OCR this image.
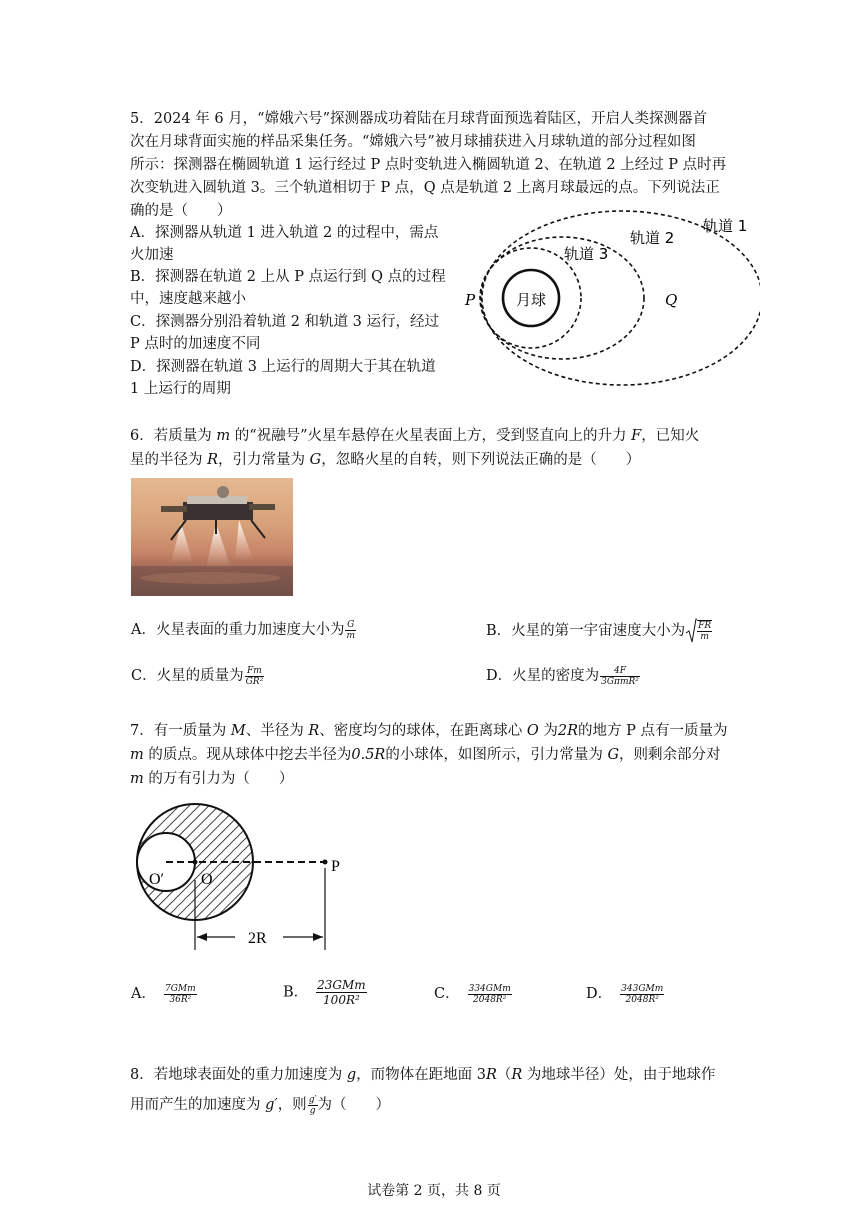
5．2024 年 6 月，“嫦娥六号”探测器成功着陆在月球背面预选着陆区，开启人类探测器首
次在月球背面实施的样品采集任务。“嫦娥六号”被月球捕获进入月球轨道的部分过程如图
所示：探测器在椭圆轨道 1 运行经过 P 点时变轨进入椭圆轨道 2、在轨道 2 上经过 P 点时再
次变轨进入圆轨道 3。三个轨道相切于 P 点，Q 点是轨道 2 上离月球最远的点。下列说法正
确的是（　　）
A．探测器从轨道 1 进入轨道 2 的过程中，需点
火加速
B．探测器在轨道 2 上从 P 点运行到 Q 点的过程
中，速度越来越小
C．探测器分别沿着轨道 2 和轨道 3 运行，经过
P 点时的加速度不同
D．探测器在轨道 3 上运行的周期大于其在轨道
1 上运行的周期
月球
轨道 1
轨道 2
轨道 3
P	Q
6．若质量为 m 的“祝融号”火星车悬停在火星表面上方，受到竖直向上的升力 F，已知火
星的半径为 R，引力常量为 G，忽略火星的自转，则下列说法正确的是（　　）
A．火星表面的重力加速度大小为 $\frac{G}{m}$	B．火星的第一宇宙速度大小为 $\frac{FR}{m}$
C．火星的质量为 $\frac{Fm}{\text{GR²}}$	D．火星的密度为 $\frac{4F}{\text{3GπmR²}}$
7．有一质量为 M、半径为 R、密度均匀的球体，在距离球心 O 为2R的地方 P 点有一质量为
m 的质点。现从球体中挖去半径为0.5R的小球体，如图所示，引力常量为 G，则剩余部分对
m 的万有引力为（　　）
2R
O′ O
P
A． $\frac{\text{7GMm}}{\text{36R²}}$	B． $\frac{\text{23GMm}}{\text{100R²}}$	C． $\frac{\text{334GMm}}{\text{2048R²}}$	D． $\frac{\text{343GMm}}{\text{2048R²}}$
8．若地球表面处的重力加速度为 g，而物体在距地面 3R（R 为地球半径）处，由于地球作
用而产生的加速度为 g′，则 $\frac{g'}{g}$ 为（　　）
试卷第 2 页，共 8 页
